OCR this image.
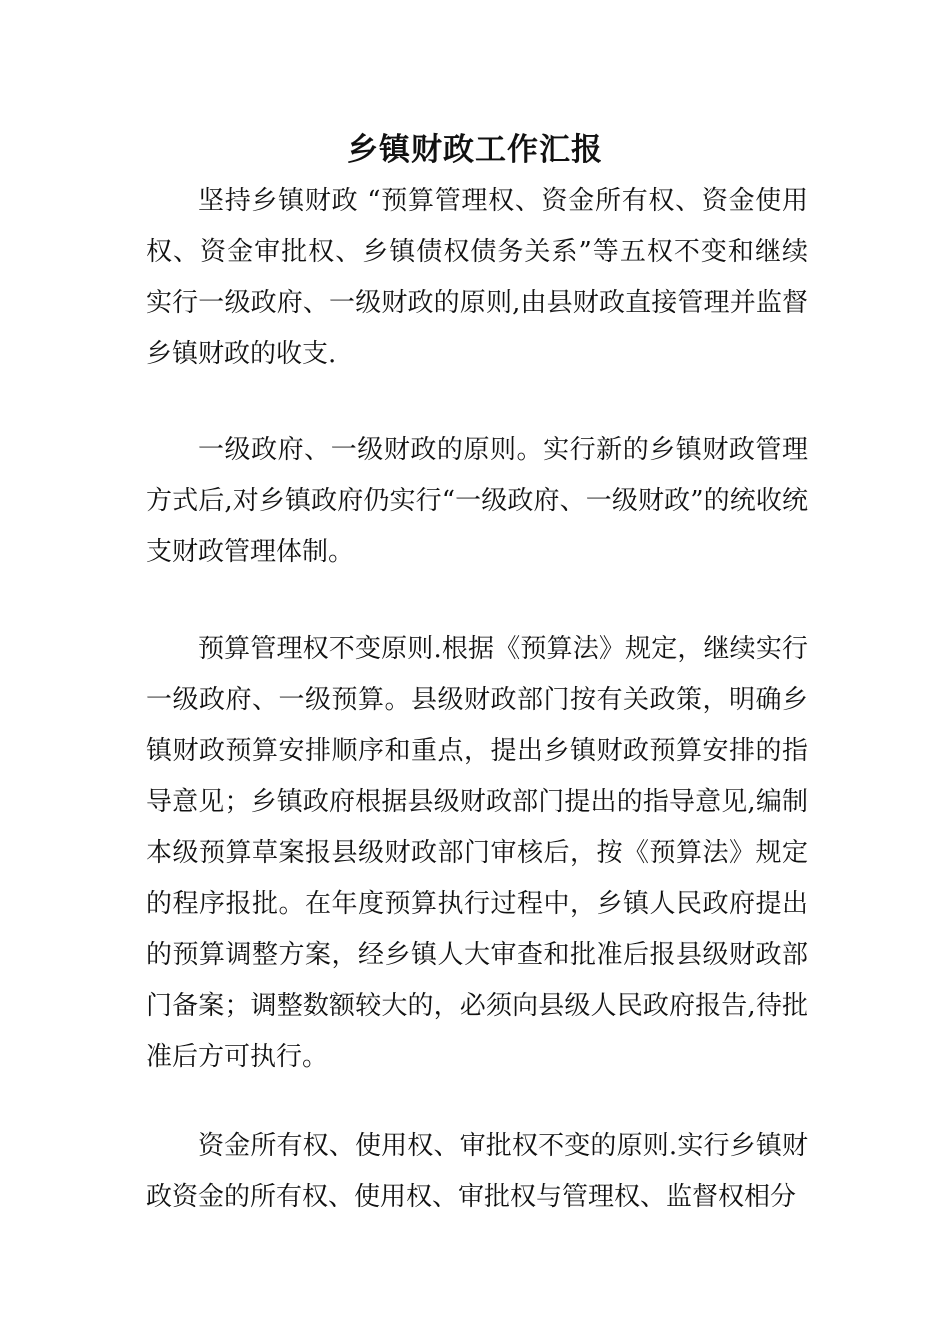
乡镇财政工作汇报

坚持乡镇财政 “预算管理权、资金所有权、资金使用权、资金审批权、乡镇债权债务关系”等五权不变和继续实行一级政府、一级财政的原则,由县财政直接管理并监督乡镇财政的收支.

一级政府、一级财政的原则。实行新的乡镇财政管理方式后,对乡镇政府仍实行“一级政府、一级财政”的统收统支财政管理体制。

预算管理权不变原则.根据《预算法》规定，继续实行一级政府、一级预算。县级财政部门按有关政策，明确乡镇财政预算安排顺序和重点，提出乡镇财政预算安排的指导意见；乡镇政府根据县级财政部门提出的指导意见,编制本级预算草案报县级财政部门审核后，按《预算法》规定的程序报批。在年度预算执行过程中，乡镇人民政府提出的预算调整方案，经乡镇人大审查和批准后报县级财政部门备案；调整数额较大的，必须向县级人民政府报告,待批准后方可执行。

资金所有权、使用权、审批权不变的原则.实行乡镇财政资金的所有权、使用权、审批权与管理权、监督权相分
